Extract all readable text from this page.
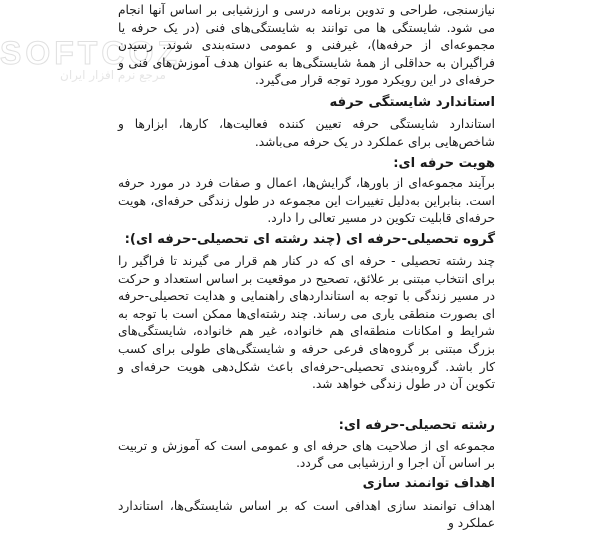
SOFTCOZ
مرجع نرم افزار ایران

نیازسنجی، طراحی و تدوین برنامه درسی و ارزشیابی بر اساس آنها انجام می شود. شایستگی ها می توانند به شایستگی‌های فنی (در یک حرفه یا مجموعه‌ای از حرفه‌ها)، غیرفنی و عمومی دسته‌بندی شوند. رسیدن فراگیران به حداقلی از همهٔ شایستگی‌ها به عنوان هدف آموزش‌های فنی و حرفه‌ای در این رویکرد مورد توجه قرار می‌گیرد.

استاندارد شایستگی حرفه

استاندارد شایستگی حرفه تعیین کننده فعالیت‌ها، کارها، ابزارها و شاخص‌هایی برای عملکرد در یک حرفه می‌باشد.

هویت حرفه ای:

برآیند مجموعه‌ای از باورها، گرایش‌ها، اعمال و صفات فرد در مورد حرفه است. بنابراین به‌دلیل تغییرات این مجموعه در طول زندگی حرفه‌ای، هویت حرفه‌ای قابلیت تکوین در مسیر تعالی را دارد.

گروه تحصیلی-حرفه ای (چند رشته ای تحصیلی-حرفه ای):

چند رشته تحصیلی - حرفه ای که در کنار هم قرار می گیرند تا فراگیر را برای انتخاب مبتنی بر علائق، تصحیح در موقعیت بر اساس استعداد و حرکت در مسیر زندگی با توجه به استانداردهای راهنمایی و هدایت تحصیلی-حرفه ای بصورت منطقی یاری می رساند. چند رشته‌ای‌ها ممکن است با توجه به شرایط و امکانات منطقه‌ای هم خانواده، غیر هم خانواده، شایستگی‌های بزرگ مبتنی بر گروه‌های فرعی حرفه و شایستگی‌های طولی برای کسب کار باشد. گروه‌بندی تحصیلی-حرفه‌ای باعث شکل‌دهی هویت حرفه‌ای و تکوین آن در طول زندگی خواهد شد.

رشته تحصیلی-حرفه ای:

مجموعه ای از صلاحیت های حرفه ای و عمومی است که آموزش و تربیت بر اساس آن اجرا و ارزشیابی می گردد.

اهداف توانمند سازی

اهداف توانمند سازی اهدافی است که بر اساس شایستگی‌ها، استاندارد عملکرد و
